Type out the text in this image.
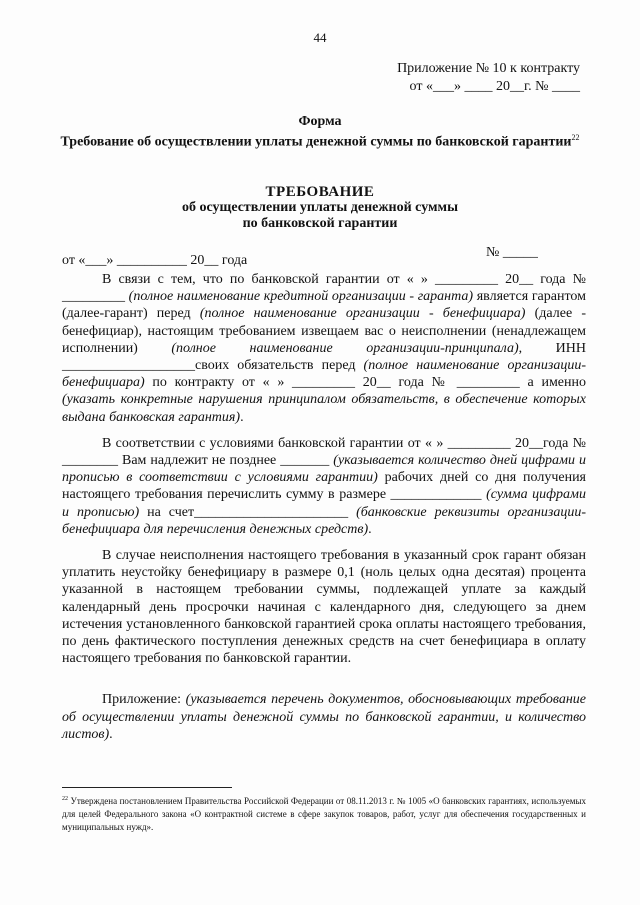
44
Приложение № 10 к контракту
от «___» ____ 20__г. № ____
Форма
Требование об осуществлении уплаты денежной суммы по банковской гарантии$^{22}$
ТРЕБОВАНИЕ
об осуществлении уплаты денежной суммы
по банковской гарантии
от «___» __________ 20__ года
№ _____

В связи с тем, что по банковской гарантии от « » _________ 20__ года № _________ (полное наименование кредитной организации - гаранта) является гарантом (далее-гарант) перед (полное наименование организации - бенефициара) (далее - бенефициар), настоящим требованием извещаем вас о неисполнении (ненадлежащем исполнении) (полное наименование организации-принципала), ИНН ___________________своих обязательств перед (полное наименование организации-бенефициара) по контракту от « » _________ 20__ года № _________ а именно (указать конкретные нарушения принципалом обязательств, в обеспечение которых выдана банковская гарантия).

В соответствии с условиями банковской гарантии от « » _________ 20__года № ________ Вам надлежит не позднее _______ (указывается количество дней цифрами и прописью в соответствии с условиями гарантии) рабочих дней со дня получения настоящего требования перечислить сумму в размере _____________ (сумма цифрами и прописью) на счет______________________ (банковские реквизиты организации-бенефициара для перечисления денежных средств).

В случае неисполнения настоящего требования в указанный срок гарант обязан уплатить неустойку бенефициару в размере 0,1 (ноль целых одна десятая) процента указанной в настоящем требовании суммы, подлежащей уплате за каждый календарный день просрочки начиная с календарного дня, следующего за днем истечения установленного банковской гарантией срока оплаты настоящего требования, по день фактического поступления денежных средств на счет бенефициара в оплату настоящего требования по банковской гарантии.

Приложение: (указывается перечень документов, обосновывающих требование об осуществлении уплаты денежной суммы по банковской гарантии, и количество листов).

$^{22}$ Утверждена постановлением Правительства Российской Федерации от 08.11.2013 г. № 1005 «О банковских гарантиях, используемых для целей Федерального закона «О контрактной системе в сфере закупок товаров, работ, услуг для обеспечения государственных и муниципальных нужд».
